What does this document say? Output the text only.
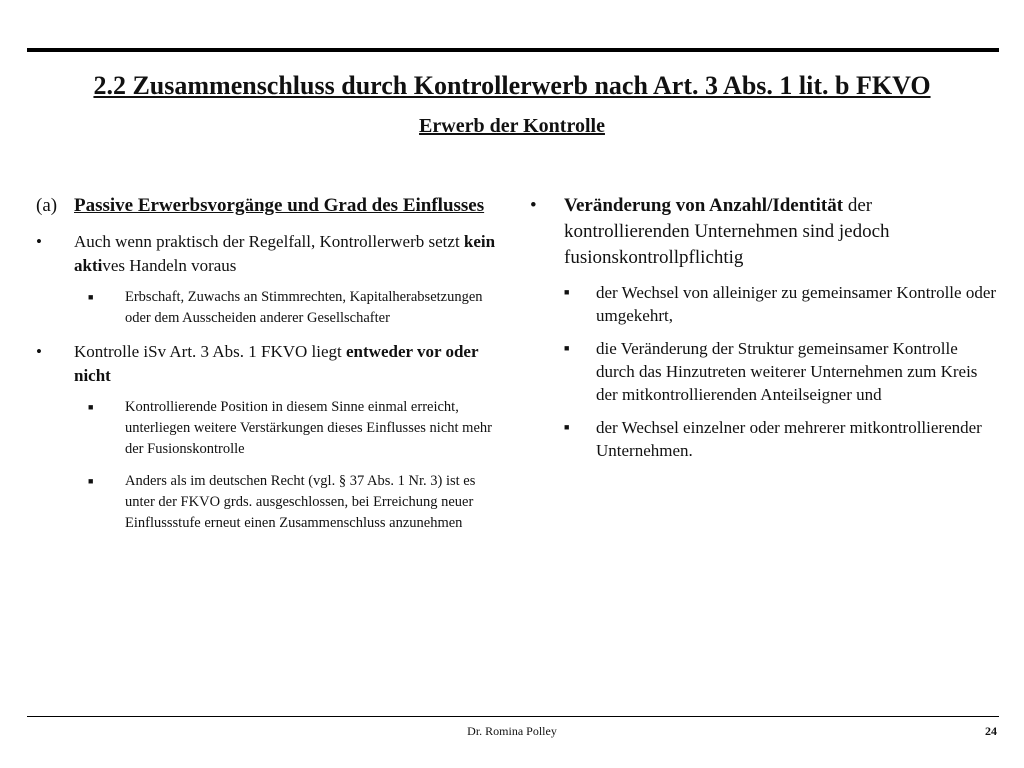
2.2 Zusammenschluss durch Kontrollerwerb nach Art. 3 Abs. 1 lit. b FKVO
Erwerb der Kontrolle
(a) Passive Erwerbsvorgänge und Grad des Einflusses
•	Auch wenn praktisch der Regelfall, Kontrollerwerb setzt kein aktives Handeln voraus
■	Erbschaft, Zuwachs an Stimmrechten, Kapitalherabsetzungen oder dem Ausscheiden anderer Gesellschafter
•	Kontrolle iSv Art. 3 Abs. 1 FKVO liegt entweder vor oder nicht
■	Kontrollierende Position in diesem Sinne einmal erreicht, unterliegen weitere Verstärkungen dieses Einflusses nicht mehr der Fusionskontrolle
■	Anders als im deutschen Recht (vgl. § 37 Abs. 1 Nr. 3) ist es unter der FKVO grds. ausgeschlossen, bei Erreichung neuer Einflussstufe erneut einen Zusammenschluss anzunehmen
•	Veränderung von Anzahl/Identität der kontrollierenden Unternehmen sind jedoch fusionskontrollpflichtig
■	der Wechsel von alleiniger zu gemeinsamer Kontrolle oder umgekehrt,
■	die Veränderung der Struktur gemeinsamer Kontrolle durch das Hinzutreten weiterer Unternehmen zum Kreis der mitkontrollierenden Anteilseigner und
■	der Wechsel einzelner oder mehrerer mitkontrollierender Unternehmen.
Dr. Romina Polley	24
